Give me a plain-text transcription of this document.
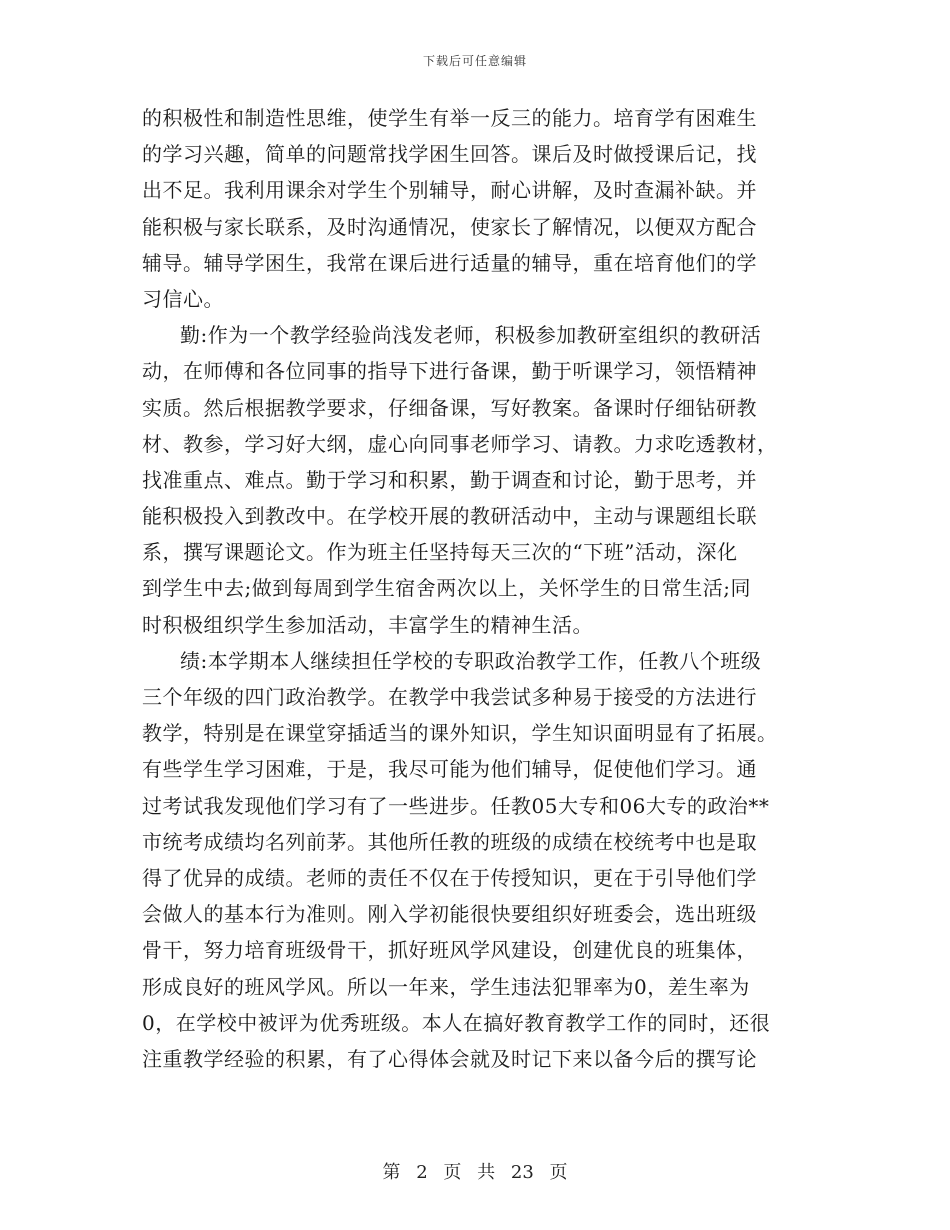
下载后可任意编辑
的积极性和制造性思维，使学生有举一反三的能力。培育学有困难生
的学习兴趣，简单的问题常找学困生回答。课后及时做授课后记，找
出不足。我利用课余对学生个别辅导，耐心讲解，及时查漏补缺。并
能积极与家长联系，及时沟通情况，使家长了解情况，以便双方配合
辅导。辅导学困生，我常在课后进行适量的辅导，重在培育他们的学
习信心。
勤:作为一个教学经验尚浅发老师，积极参加教研室组织的教研活
动，在师傅和各位同事的指导下进行备课，勤于听课学习，领悟精神
实质。然后根据教学要求，仔细备课，写好教案。备课时仔细钻研教
材、教参，学习好大纲，虚心向同事老师学习、请教。力求吃透教材，
找准重点、难点。勤于学习和积累，勤于调查和讨论，勤于思考，并
能积极投入到教改中。在学校开展的教研活动中，主动与课题组长联
系，撰写课题论文。作为班主任坚持每天三次的“下班”活动，深化
到学生中去;做到每周到学生宿舍两次以上，关怀学生的日常生活;同
时积极组织学生参加活动，丰富学生的精神生活。
绩:本学期本人继续担任学校的专职政治教学工作，任教八个班级
三个年级的四门政治教学。在教学中我尝试多种易于接受的方法进行
教学，特别是在课堂穿插适当的课外知识，学生知识面明显有了拓展。
有些学生学习困难，于是，我尽可能为他们辅导，促使他们学习。通
过考试我发现他们学习有了一些进步。任教05大专和06大专的政治**
市统考成绩均名列前茅。其他所任教的班级的成绩在校统考中也是取
得了优异的成绩。老师的责任不仅在于传授知识，更在于引导他们学
会做人的基本行为准则。刚入学初能很快要组织好班委会，选出班级
骨干，努力培育班级骨干，抓好班风学风建设，创建优良的班集体，
形成良好的班风学风。所以一年来，学生违法犯罪率为0，差生率为
0，在学校中被评为优秀班级。本人在搞好教育教学工作的同时，还很
注重教学经验的积累，有了心得体会就及时记下来以备今后的撰写论
第 2 页 共 23 页
